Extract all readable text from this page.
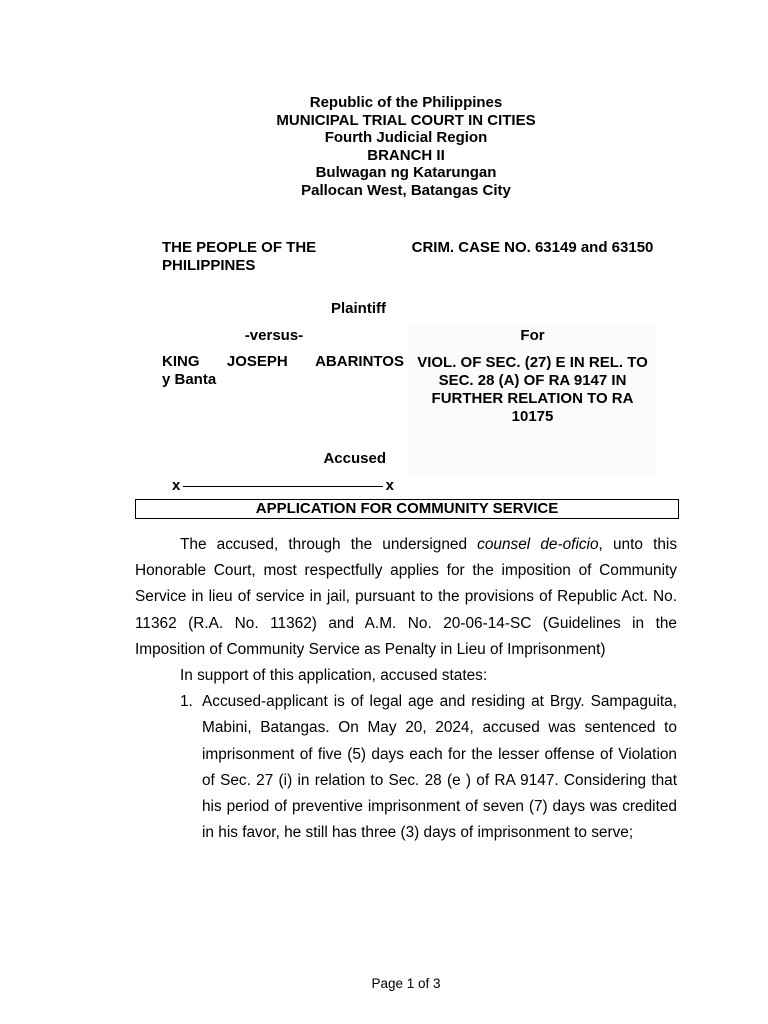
Republic of the Philippines
MUNICIPAL TRIAL COURT IN CITIES
Fourth Judicial Region
BRANCH II
Bulwagan ng Katarungan
Pallocan West, Batangas City
THE PEOPLE OF THE PHILIPPINES
CRIM. CASE NO. 63149 and 63150
Plaintiff
-versus-	For
KING JOSEPH ABARINTOS
y Banta
VIOL. OF SEC. (27) E IN REL. TO SEC. 28 (A) OF RA 9147 IN FURTHER RELATION TO RA 10175
Accused
x	x
APPLICATION FOR COMMUNITY SERVICE

The accused, through the undersigned counsel de-oficio, unto this Honorable Court, most respectfully applies for the imposition of Community Service in lieu of service in jail, pursuant to the provisions of Republic Act. No. 11362 (R.A. No. 11362) and A.M. No. 20-06-14-SC (Guidelines in the Imposition of Community Service as Penalty in Lieu of Imprisonment)

In support of this application, accused states:

1. Accused-applicant is of legal age and residing at Brgy. Sampaguita, Mabini, Batangas. On May 20, 2024, accused was sentenced to imprisonment of five (5) days each for the lesser offense of Violation of Sec. 27 (i) in relation to Sec. 28 (e ) of RA 9147. Considering that his period of preventive imprisonment of seven (7) days was credited in his favor, he still has three (3) days of imprisonment to serve;
Page 1 of 3
